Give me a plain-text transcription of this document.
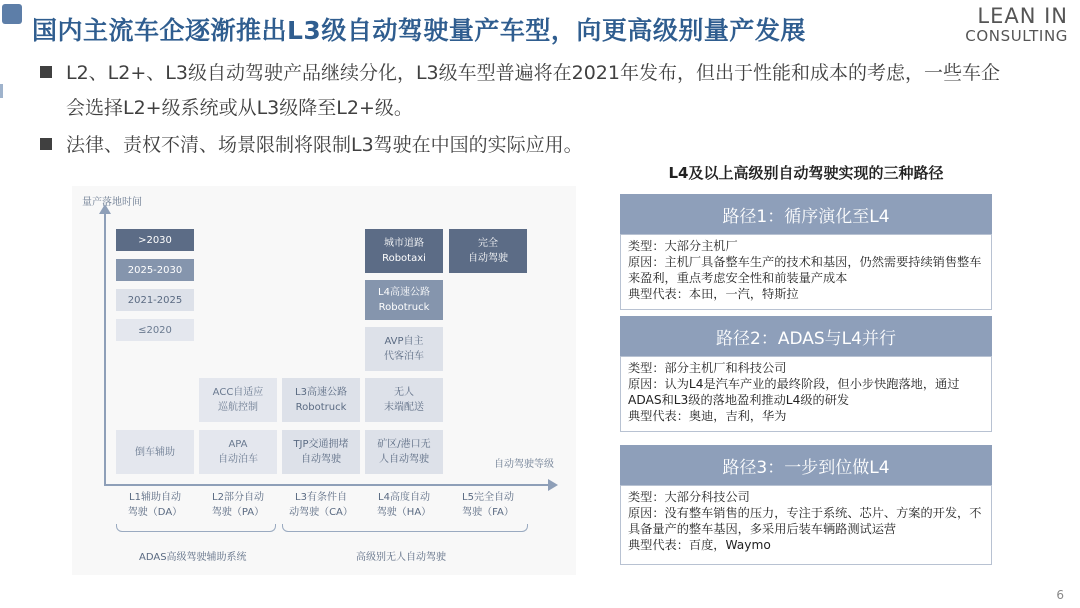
国内主流车企逐渐推出L3级自动驾驶量产车型，向更高级别量产发展	LEAN IN
CONSULTING
L2、L2+、L3级自动驾驶产品继续分化，L3级车型普遍将在2021年发布，但出于性能和成本的考虑，一些车企
会选择L2+级系统或从L3级降至L2+级。
法律、责权不清、场景限制将限制L3驾驶在中国的实际应用。
量产落地时间
自动驾驶等级
>2030
2025-2030
2021-2025
≤2020
倒车辅助
APA
自动泊车
TJP交通拥堵
自动驾驶
矿区/港口无
人自动驾驶
ACC自适应
巡航控制
L3高速公路
Robotruck
无人
末端配送
AVP自主
代客泊车
L4高速公路
Robotruck
城市道路
Robotaxi
完全
自动驾驶
L1辅助自动
驾驶（DA）
L2部分自动
驾驶（PA）
L3有条件自
动驾驶（CA）
L4高度自动
驾驶（HA）
L5完全自动
驾驶（FA）
ADAS高级驾驶辅助系统	高级别无人自动驾驶
L4及以上高级别自动驾驶实现的三种路径
路径1：循序演化至L4
类型：大部分主机厂
原因：主机厂具备整车生产的技术和基因，仍然需要持续销售整车来盈利，重点考虑安全性和前装量产成本
典型代表：本田，一汽，特斯拉
路径2：ADAS与L4并行
类型：部分主机厂和科技公司
原因：认为L4是汽车产业的最终阶段，但小步快跑落地，通过ADAS和L3级的落地盈利推动L4级的研发
典型代表：奥迪，吉利，华为
路径3：一步到位做L4
类型：大部分科技公司
原因：没有整车销售的压力，专注于系统、芯片、方案的开发，不具备量产的整车基因，多采用后装车辆路测试运营
典型代表：百度，Waymo
6
